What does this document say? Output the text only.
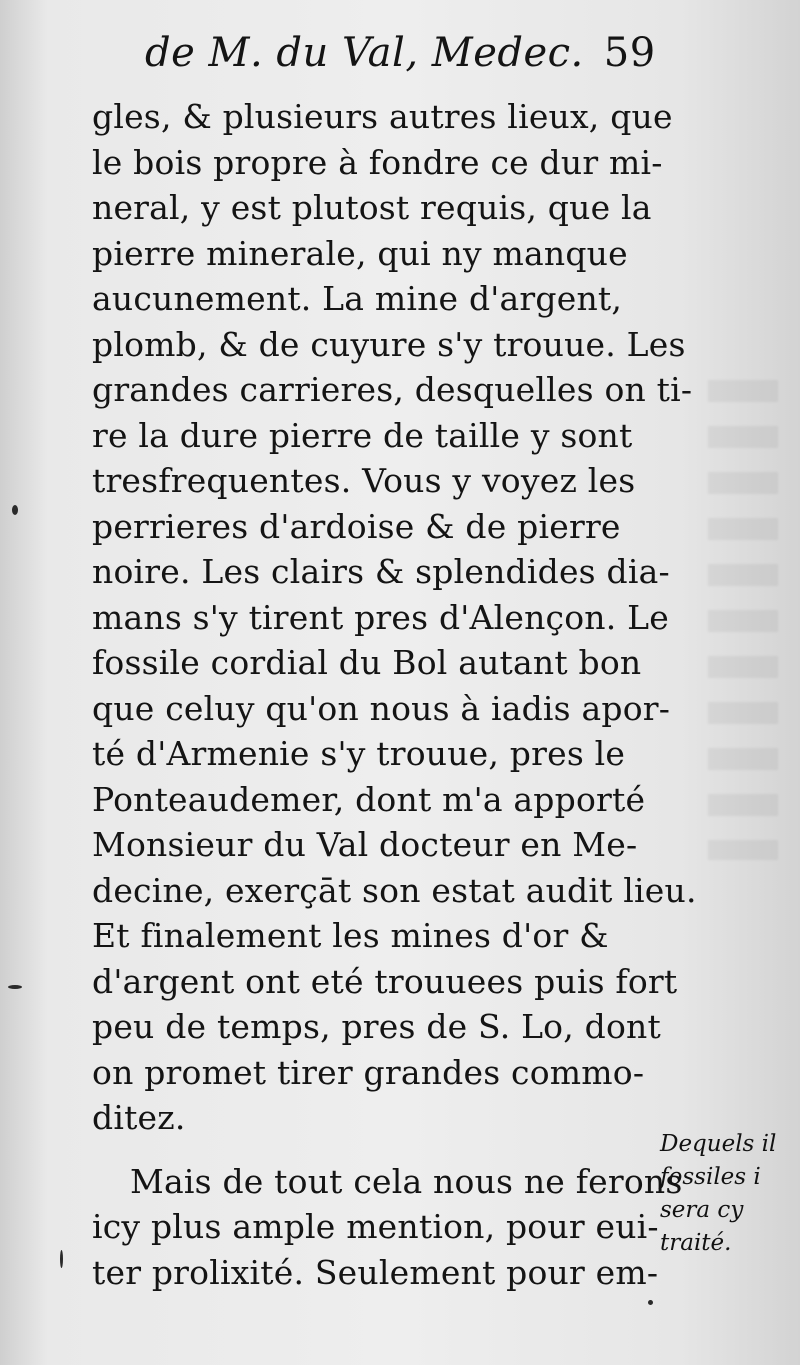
de M. du Val, Medec. 59
gles, & plusieurs autres lieux, que
le bois propre à fondre ce dur mi-
neral, y est plutost requis, que la
pierre minerale, qui ny manque
aucunement. La mine d'argent,
plomb, & de cuyure s'y trouue. Les
grandes carrieres, desquelles on ti-
re la dure pierre de taille y sont
tresfrequentes. Vous y voyez les
perrieres d'ardoise & de pierre
noire. Les clairs & splendides dia-
mans s'y tirent pres d'Alençon. Le
fossile cordial du Bol autant bon
que celuy qu'on nous à iadis apor-
té d'Armenie s'y trouue, pres le
Ponteaudemer, dont m'a apporté
Monsieur du Val docteur en Me-
decine, exerçāt son estat audit lieu.
Et finalement les mines d'or &
d'argent ont eté trouuees puis fort
peu de temps, pres de S. Lo, dont
on promet tirer grandes commo-
ditez.
Mais de tout cela nous ne ferons
icy plus ample mention, pour eui-
ter prolixité. Seulement pour em-
Dequels il
fossiles i
sera cy
traité.
